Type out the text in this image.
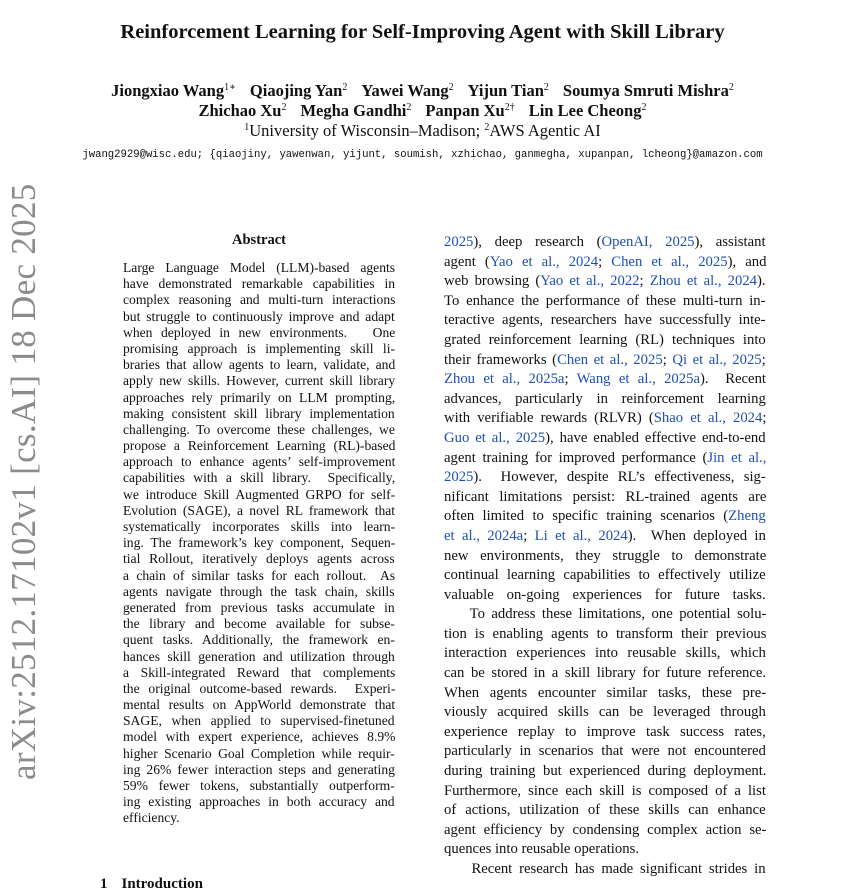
Reinforcement Learning for Self-Improving Agent with Skill Library
Jiongxiao Wang$^{1∗}$ Qiaojing Yan$^2$ Yawei Wang$^2$ Yijun Tian$^2$ Soumya Smruti Mishra$^2$
Zhichao Xu$^2$ Megha Gandhi$^2$ Panpan $Xu^{2\dagger}$ Lin Lee Cheong$^2$
$^1$University of Wisconsin–Madison; $^2$AWS Agentic AI
jwang2929@wisc.edu; {qiaojiny, yawenwan, yijunt, soumish, xzhichao, ganmegha, xupanpan, lcheong}@amazon.com
arXiv:2512.17102v1 [cs.AI] 18 Dec 2025	Abstract
Large Language Model (LLM)-based agents
have demonstrated remarkable capabilities in
complex reasoning and multi-turn interactions
but struggle to continuously improve and adapt
when deployed in new environments.   One
promising approach is implementing skill li-
braries that allow agents to learn, validate, and
apply new skills. However, current skill library
approaches rely primarily on LLM prompting,
making consistent skill library implementation
challenging. To overcome these challenges, we
propose a Reinforcement Learning (RL)-based
approach to enhance agents’ self-improvement
capabilities with a skill library.  Specifically,
we introduce Skill Augmented GRPO for self-
Evolution (SAGE), a novel RL framework that
systematically incorporates skills into learn-
ing. The framework’s key component, Sequen-
tial Rollout, iteratively deploys agents across
a chain of similar tasks for each rollout.  As
agents navigate through the task chain, skills
generated from previous tasks accumulate in
the library and become available for subse-
quent tasks. Additionally, the framework en-
hances skill generation and utilization through
a Skill-integrated Reward that complements
the original outcome-based rewards.  Experi-
mental results on AppWorld demonstrate that
SAGE, when applied to supervised-finetuned
model with expert experience, achieves 8.9%
higher Scenario Goal Completion while requir-
ing 26% fewer interaction steps and generating
59% fewer tokens, substantially outperform-
ing existing approaches in both accuracy and
efficiency.
2025), deep research (OpenAI, 2025), assistant
agent (Yao et al., 2024; Chen et al., 2025), and
web browsing (Yao et al., 2022; Zhou et al., 2024).
To enhance the performance of these multi-turn in-
teractive agents, researchers have successfully inte-
grated reinforcement learning (RL) techniques into
their frameworks (Chen et al., 2025; Qi et al., 2025;
Zhou et al., 2025a; Wang et al., 2025a).  Recent
advances, particularly in reinforcement learning
with verifiable rewards (RLVR) (Shao et al., 2024;
Guo et al., 2025), have enabled effective end-to-end
agent training for improved performance (Jin et al.,
2025).  However, despite RL’s effectiveness, sig-
nificant limitations persist: RL-trained agents are
often limited to specific training scenarios (Zheng
et al., 2024a; Li et al., 2024).  When deployed in
new environments, they struggle to demonstrate
continual learning capabilities to effectively utilize
valuable on-going experiences for future tasks.
To address these limitations, one potential solu-
tion is enabling agents to transform their previous
interaction experiences into reusable skills, which
can be stored in a skill library for future reference.
When agents encounter similar tasks, these pre-
viously acquired skills can be leveraged through
experience replay to improve task success rates,
particularly in scenarios that were not encountered
during training but experienced during deployment.
Furthermore, since each skill is composed of a list
of actions, utilization of these skills can enhance
agent efficiency by condensing complex action se-
quences into reusable operations.
Recent research has made significant strides in
1 Introduction
